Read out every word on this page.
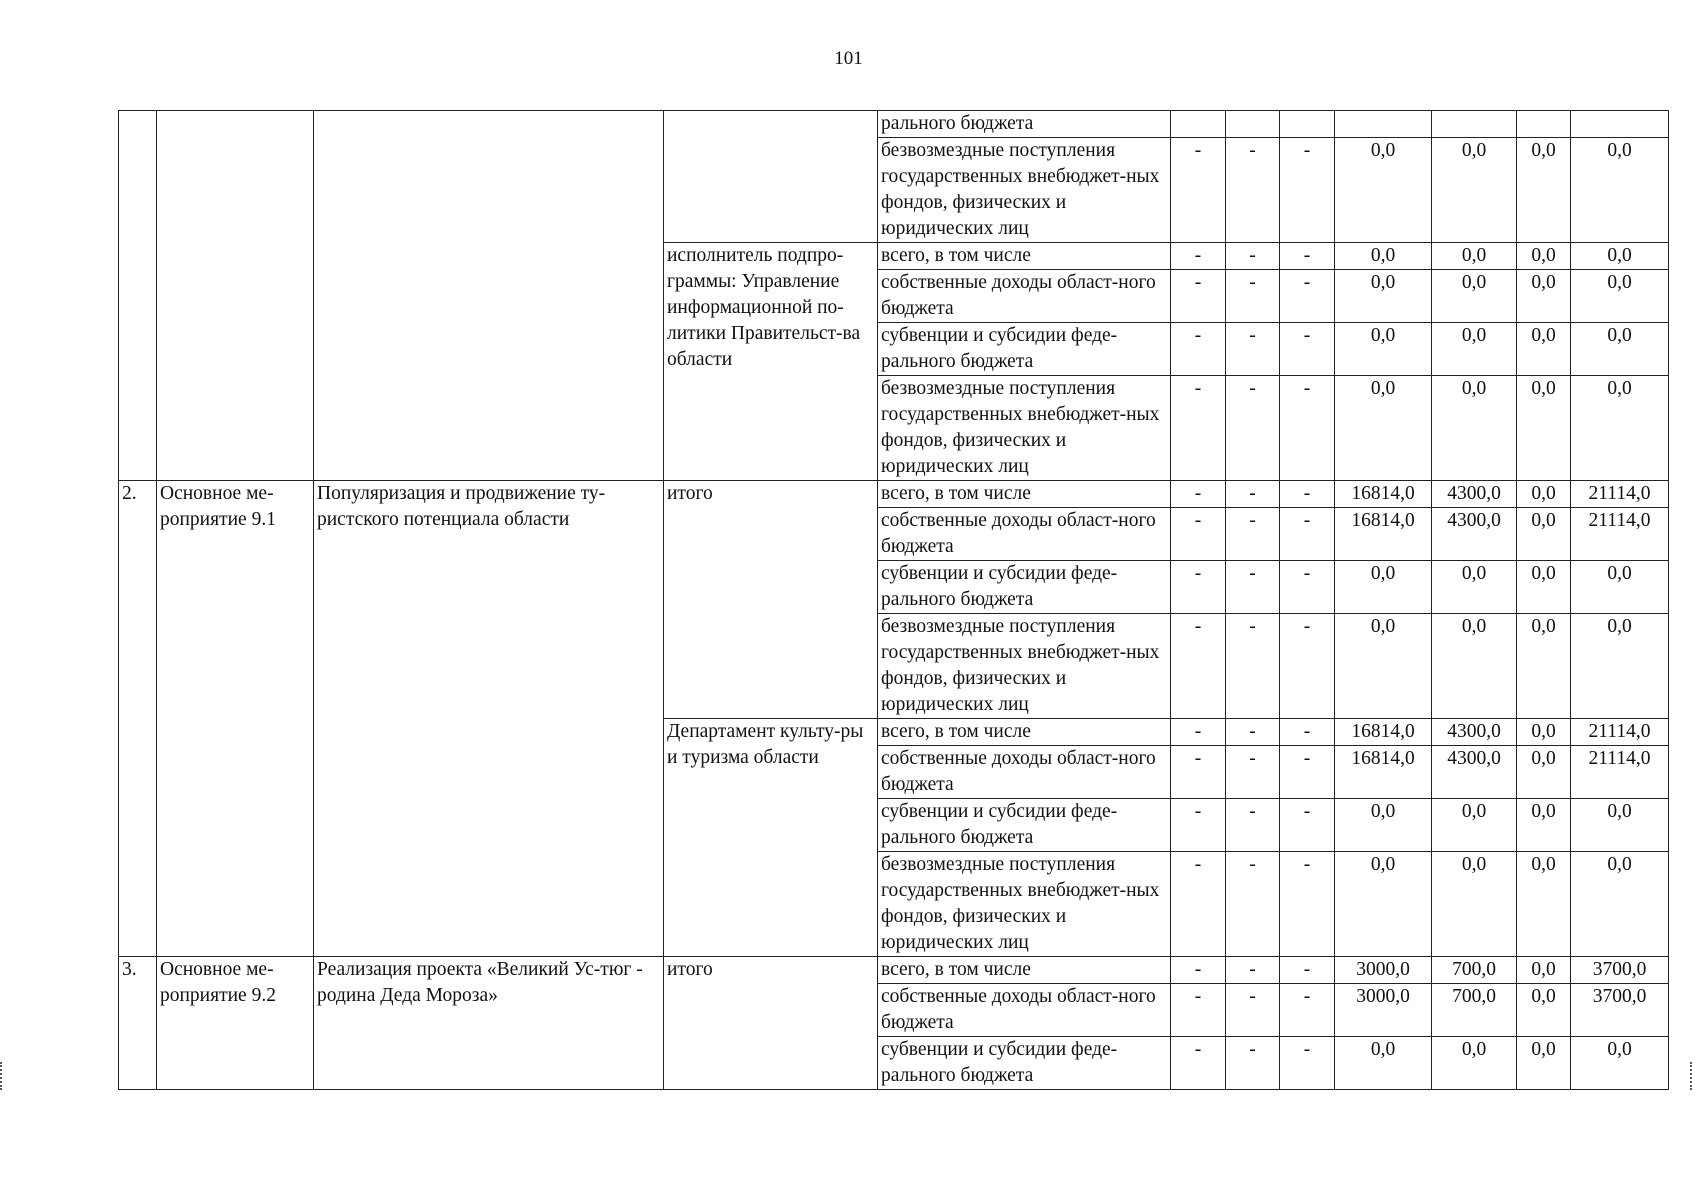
101
				рального бюджета							
				безвозмездные поступления государственных внебюджет-ных фондов, физических и юридических лиц	-	-	-	0,0	0,0	0,0	0,0
			исполнитель подпро-граммы: Управление информационной по-литики Правительст-ва области	всего, в том числе	-	-	-	0,0	0,0	0,0	0,0
				собственные доходы област-ного бюджета	-	-	-	0,0	0,0	0,0	0,0
				субвенции и субсидии феде-рального бюджета	-	-	-	0,0	0,0	0,0	0,0
				безвозмездные поступления государственных внебюджет-ных фондов, физических и юридических лиц	-	-	-	0,0	0,0	0,0	0,0
2.	Основное ме-роприятие 9.1	Популяризация и продвижение ту-ристского потенциала области	итого	всего, в том числе	-	-	-	16814,0	4300,0	0,0	21114,0
				собственные доходы област-ного бюджета	-	-	-	16814,0	4300,0	0,0	21114,0
				субвенции и субсидии феде-рального бюджета	-	-	-	0,0	0,0	0,0	0,0
				безвозмездные поступления государственных внебюджет-ных фондов, физических и юридических лиц	-	-	-	0,0	0,0	0,0	0,0
			Департамент культу-ры и туризма области	всего, в том числе	-	-	-	16814,0	4300,0	0,0	21114,0
				собственные доходы област-ного бюджета	-	-	-	16814,0	4300,0	0,0	21114,0
				субвенции и субсидии феде-рального бюджета	-	-	-	0,0	0,0	0,0	0,0
				безвозмездные поступления государственных внебюджет-ных фондов, физических и юридических лиц	-	-	-	0,0	0,0	0,0	0,0
3.	Основное ме-роприятие 9.2	Реализация проекта «Великий Ус-тюг - родина Деда Мороза»	итого	всего, в том числе	-	-	-	3000,0	700,0	0,0	3700,0
				собственные доходы област-ного бюджета	-	-	-	3000,0	700,0	0,0	3700,0
				субвенции и субсидии феде-рального бюджета	-	-	-	0,0	0,0	0,0	0,0
